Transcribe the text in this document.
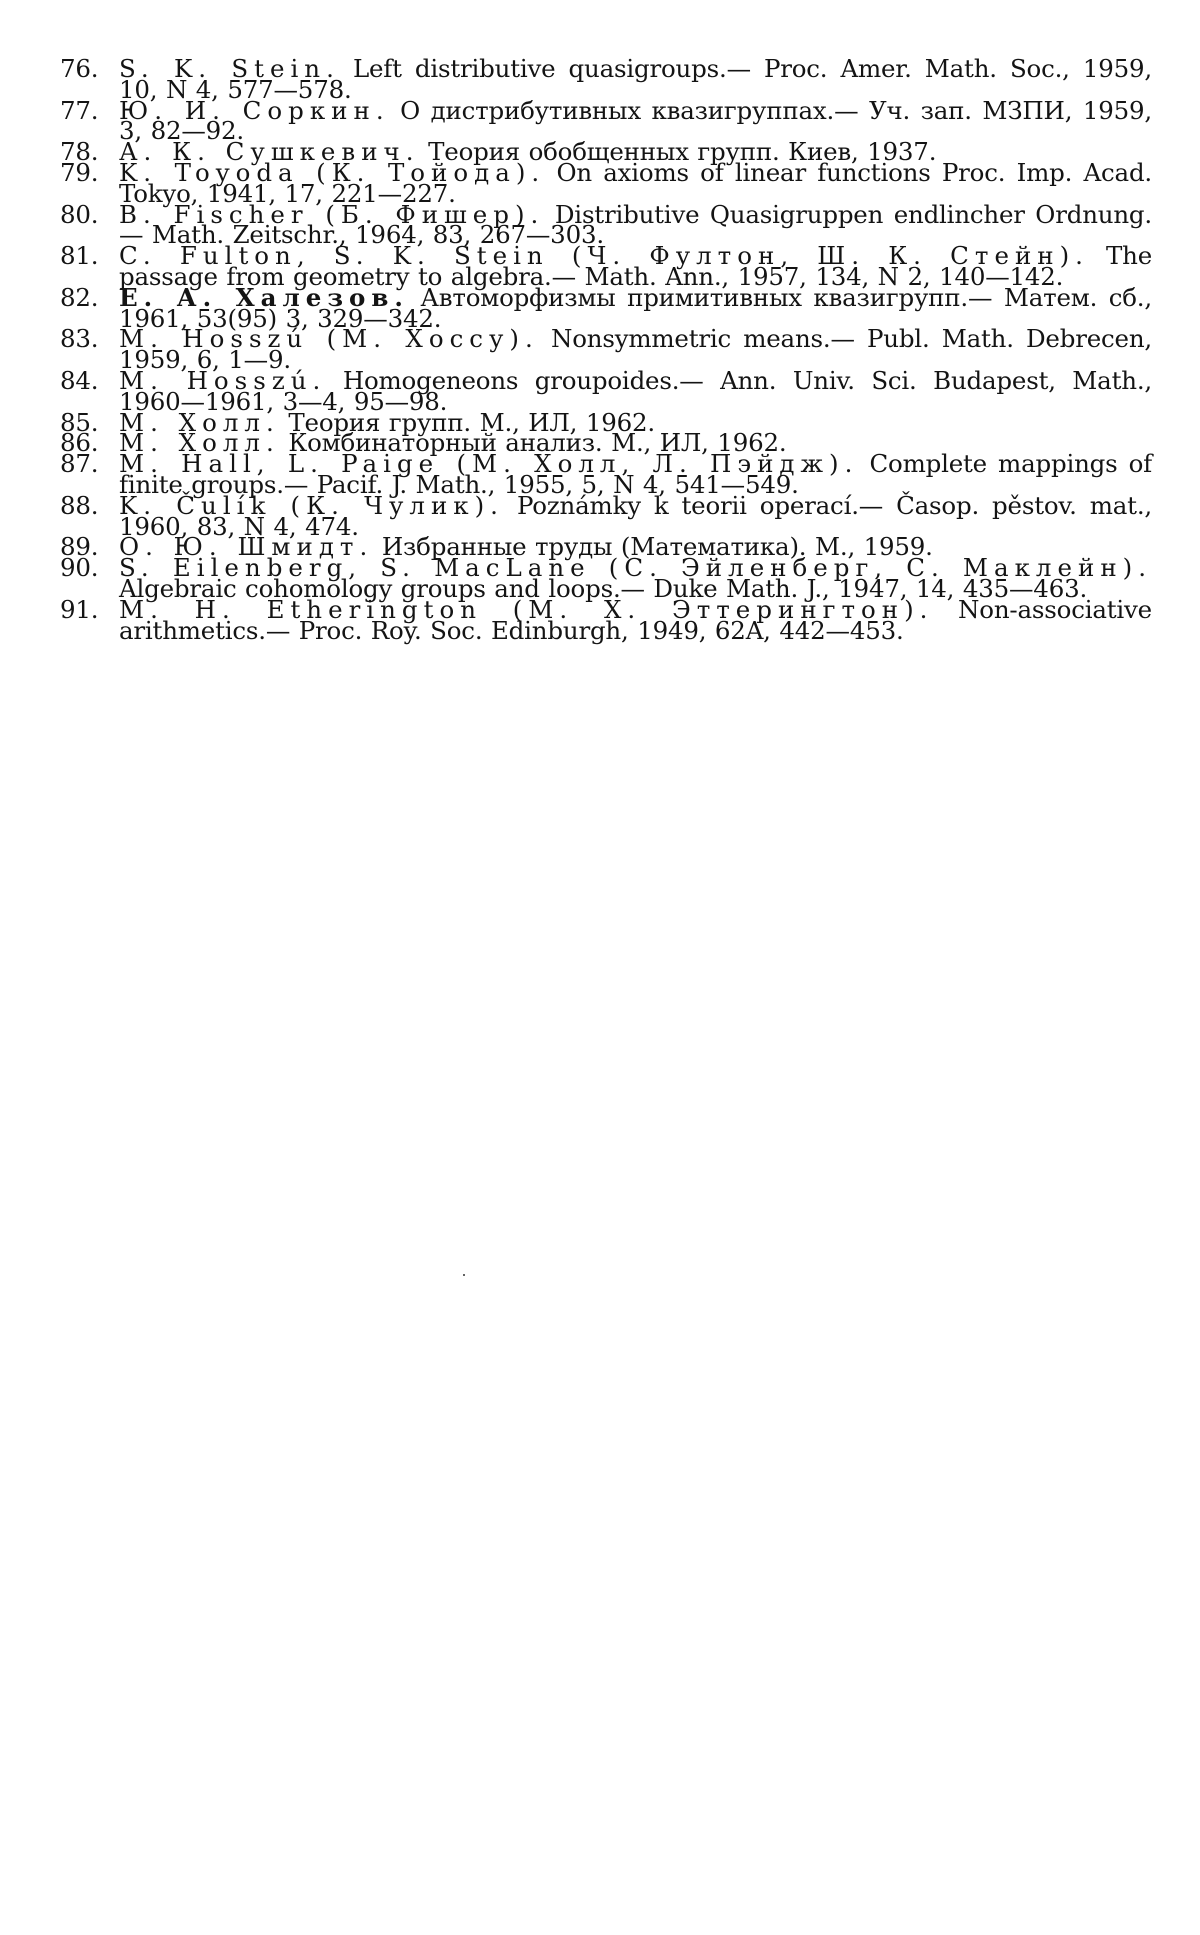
76. S. K. Stein. Left distributive quasigroups.— Proc. Amer. Math. Soc., 1959, 10, N 4, 577—578.
77. Ю. И. Соркин. О дистрибутивных квазигруппах.— Уч. зап. МЗПИ, 1959, 3, 82—92.
78. А. К. Сушкевич. Теория обобщенных групп. Киев, 1937.
79. K. Toyoda (К. Тойода). On axioms of linear functions Proc. Imp. Acad. Tokyo, 1941, 17, 221—227.
80. B. Fischer (Б. Фишер). Distributive Quasigruppen endlincher Ordnung.— Math. Zeitschr., 1964, 83, 267—303.
81. C. Fulton, S. K. Stein (Ч. Фултон, Ш. К. Стейн). The passage from geometry to algebra.— Math. Ann., 1957, 134, N 2, 140—142.
82. Е. А. Халезов. Автоморфизмы примитивных квазигрупп.— Матем. сб., 1961, 53(95) 3, 329—342.
83. M. Hosszú (М. Хоссу). Nonsymmetric means.— Publ. Math. Debrecen, 1959, 6, 1—9.
84. M. Hosszú. Homogeneons groupoides.— Ann. Univ. Sci. Budapest, Math., 1960—1961, 3—4, 95—98.
85. М. Холл. Теория групп. М., ИЛ, 1962.
86. М. Холл. Комбинаторный анализ. М., ИЛ, 1962.
87. M. Hall, L. Paige (М. Холл, Л. Пэйдж). Complete mappings of finite groups.— Pacif. J. Math., 1955, 5, N 4, 541—549.
88. K. Čulík (К. Чулик). Poznámky k teorii operací.— Časop. pěstov. mat., 1960, 83, N 4, 474.
89. О. Ю. Шмидт. Избранные труды (Математика). М., 1959.
90. S. Eilenberg, S. MacLane (С. Эйленберг, С. Маклейн). Algebraic cohomology groups and loops.— Duke Math. J., 1947, 14, 435—463.
91. M. H. Etherington (М. Х. Эттерингтон). Non-associative arithmetics.— Proc. Roy. Soc. Edinburgh, 1949, 62A, 442—453.
